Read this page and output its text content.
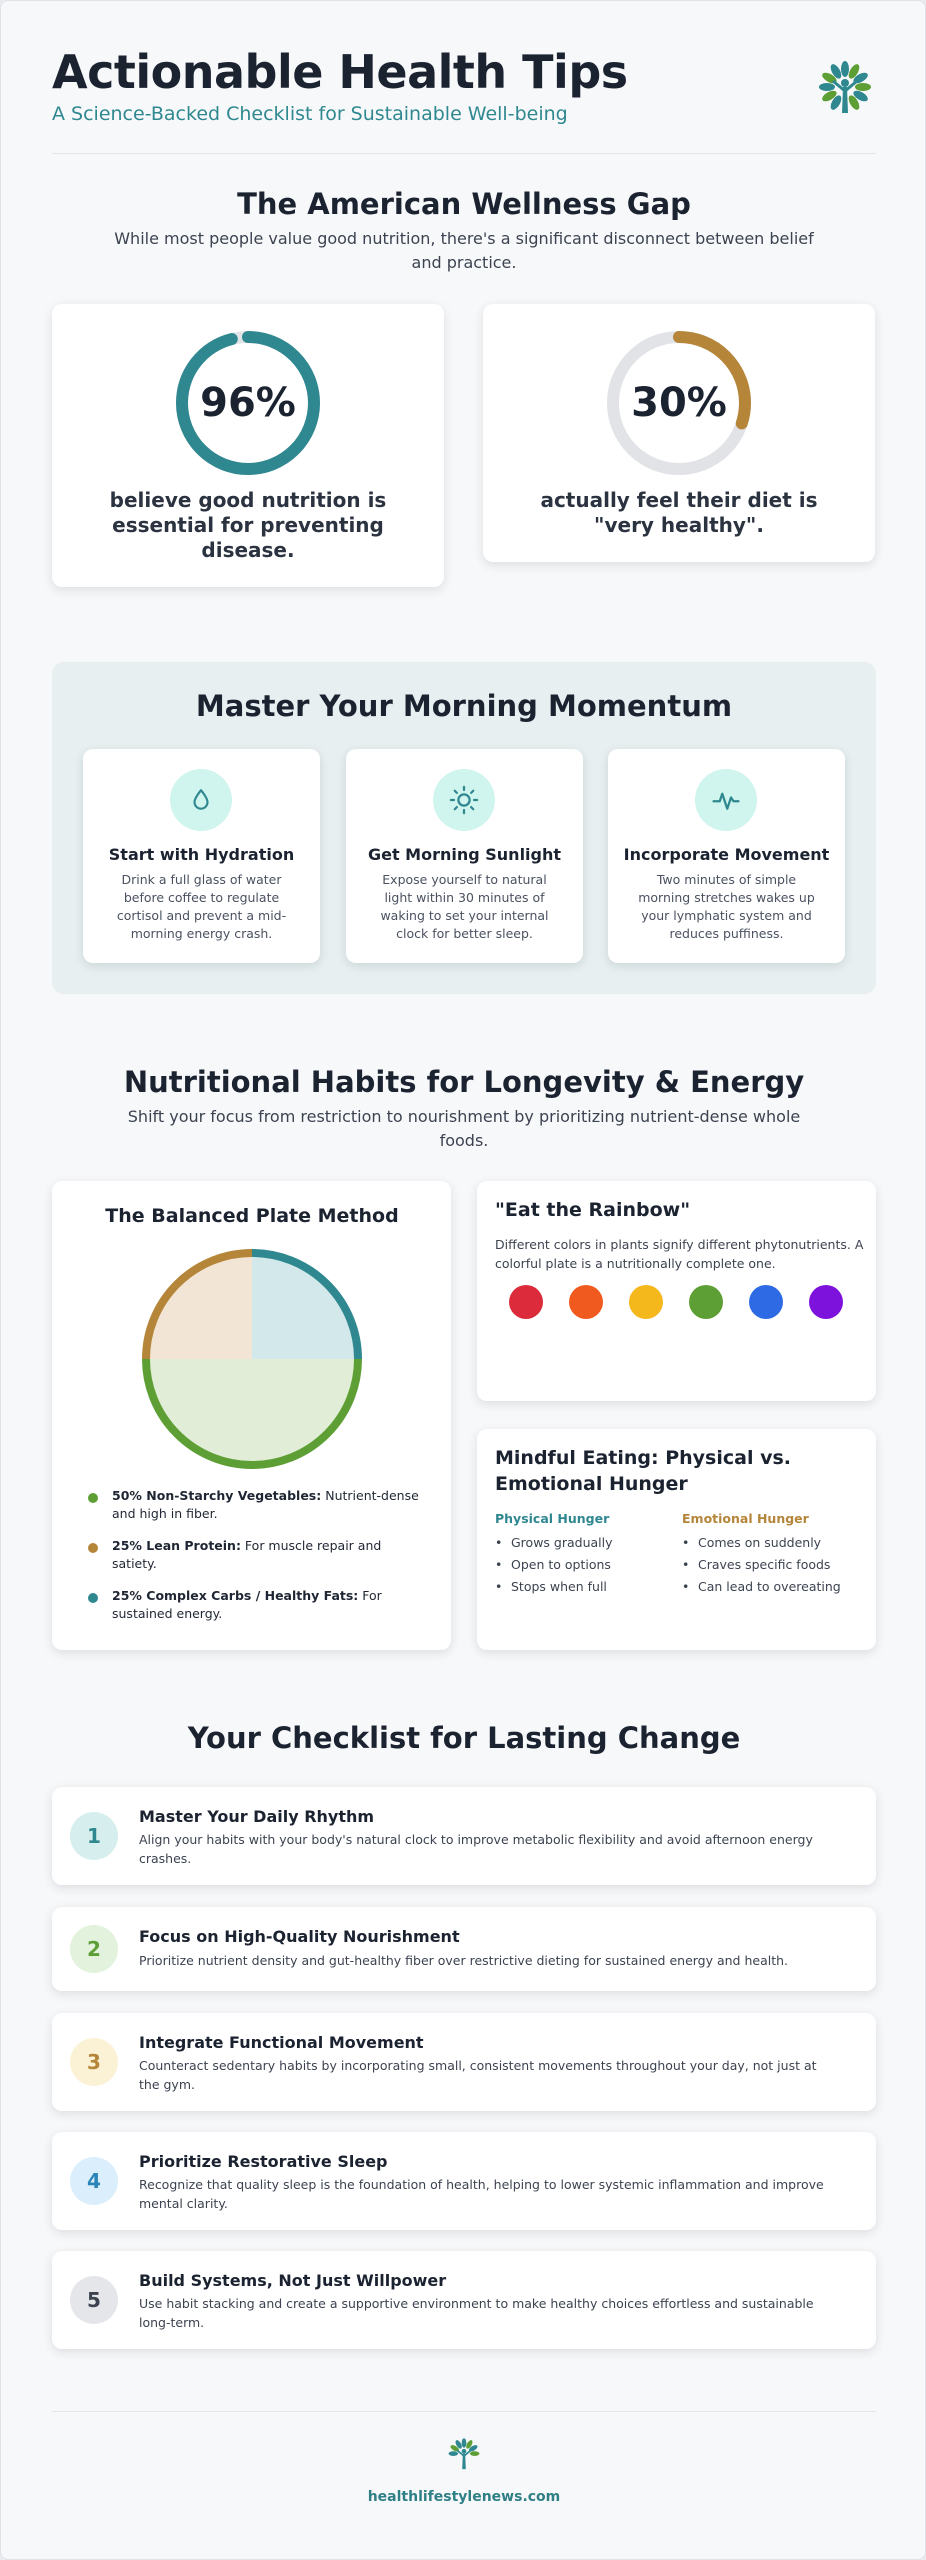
Actionable Health Tips
A Science-Backed Checklist for Sustainable Well-being
The American Wellness Gap

While most people value good nutrition, there's a significant disconnect between belief and practice.

96%
believe good nutrition is essential for preventing disease.
30%
actually feel their diet is "very healthy".
Master Your Morning Momentum
Start with Hydration
Drink a full glass of water before coffee to regulate cortisol and prevent a mid-morning energy crash.
Get Morning Sunlight
Expose yourself to natural light within 30 minutes of waking to set your internal clock for better sleep.
Incorporate Movement
Two minutes of simple morning stretches wakes up your lymphatic system and reduces puffiness.
Nutritional Habits for Longevity & Energy

Shift your focus from restriction to nourishment by prioritizing nutrient-dense whole foods.

The Balanced Plate Method
50% Non-Starchy Vegetables: Nutrient-dense and high in fiber.
25% Lean Protein: For muscle repair and satiety.
25% Complex Carbs / Healthy Fats: For sustained energy.
"Eat the Rainbow"
Different colors in plants signify different phytonutrients. A colorful plate is a nutritionally complete one.
Mindful Eating: Physical vs. Emotional Hunger
Physical Hunger
• Grows gradually
• Open to options
• Stops when full
Emotional Hunger
• Comes on suddenly
• Craves specific foods
• Can lead to overeating
Your Checklist for Lasting Change
1
Master Your Daily Rhythm
Align your habits with your body's natural clock to improve metabolic flexibility and avoid afternoon energy crashes.
2
Focus on High-Quality Nourishment
Prioritize nutrient density and gut-healthy fiber over restrictive dieting for sustained energy and health.
3
Integrate Functional Movement
Counteract sedentary habits by incorporating small, consistent movements throughout your day, not just at the gym.
4
Prioritize Restorative Sleep
Recognize that quality sleep is the foundation of health, helping to lower systemic inflammation and improve mental clarity.
5
Build Systems, Not Just Willpower
Use habit stacking and create a supportive environment to make healthy choices effortless and sustainable long-term.
healthlifestylenews.com
